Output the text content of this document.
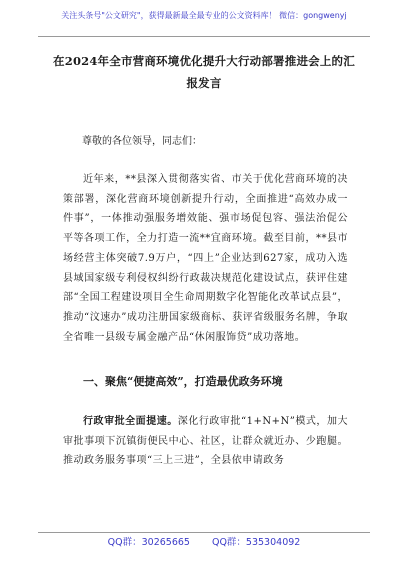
关注头条号"公文研究"，获得最新最全最专业的公文资料库！ 微信：gongwenyj
在2024年全市营商环境优化提升大行动部署推进会上的汇报发言
尊敬的各位领导，同志们：
近年来，**县深入贯彻落实省、市关于优化营商环境的决策部署，深化营商环境创新提升行动，全面推进“高效办成一件事”，一体推动强服务增效能、强市场促包容、强法治促公平等各项工作，全力打造一流**宜商环境。截至目前，**县市场经营主体突破7.9万户，“四上”企业达到627家，成功入选县域国家级专利侵权纠纷行政裁决规范化建设试点，获评住建部“全国工程建设项目全生命周期数字化智能化改革试点县”，推动“汶速办”成功注册国家级商标、获评省级服务名牌，争取全省唯一县级专属金融产品“休闲服饰贷”成功落地。
一、聚焦“便捷高效”，打造最优政务环境
行政审批全面提速。深化行政审批“1+N+N”模式，加大审批事项下沉镇街便民中心、社区，让群众就近办、少跑腿。推动政务服务事项“三上三进”，全县依申请政务
QQ群：30265665 QQ群：535304092
